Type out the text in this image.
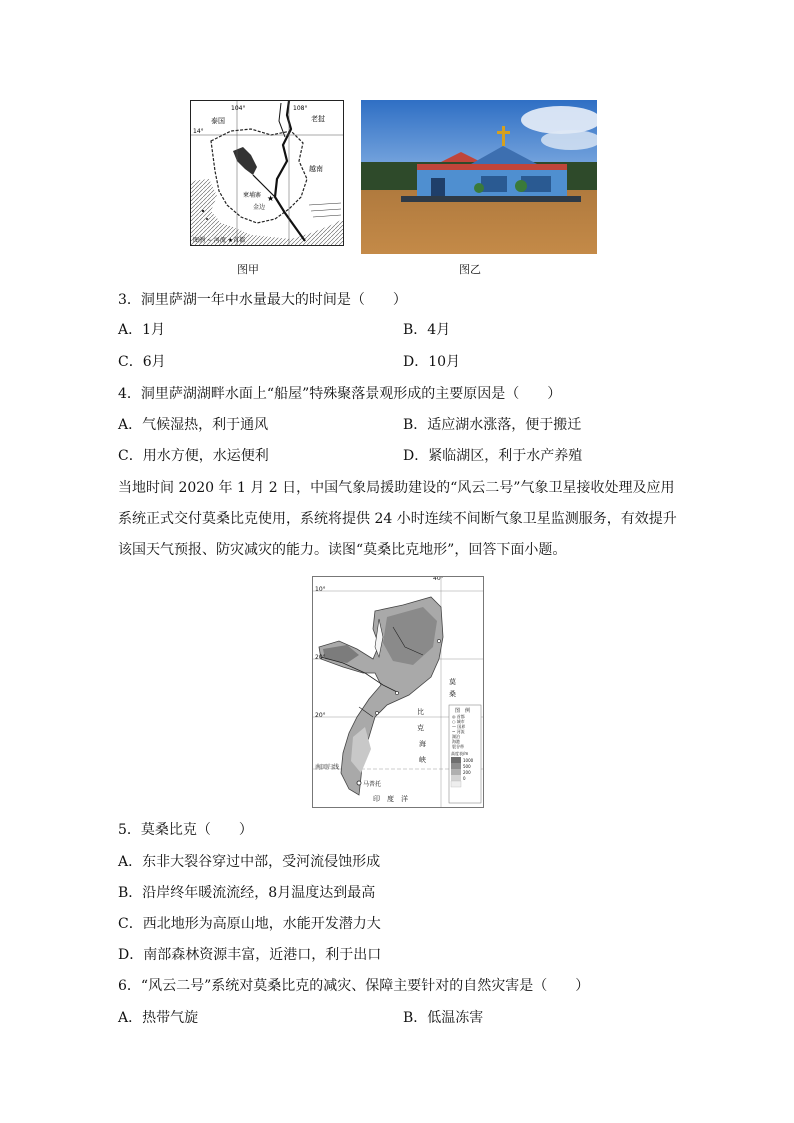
★
104°	108°
14°
泰国	老挝
柬埔寨
越南
金边
图例 ~ 河流 ★首都
图甲	图乙
3．洞里萨湖一年中水量最大的时间是（　　）
A．1月	B．4月
C．6月	D．10月
4．洞里萨湖湖畔水面上“船屋”特殊聚落景观形成的主要原因是（　　）
A．气候湿热，利于通风	B．适应湖水涨落，便于搬迁
C．用水方便，水运便利	D．紧临湖区，利于水产养殖
当地时间 2020 年 1 月 2 日，中国气象局援助建设的“风云二号”气象卫星接收处理及应用
系统正式交付莫桑比克使用，系统将提供 24 小时连续不间断气象卫星监测服务，有效提升
该国天气预报、防灾减灾的能力。读图“莫桑比克地形”，回答下面小题。
40°
10°
20°
20°
南回归线
马普托
印　度　洋
莫
桑
比
克
海
峡
图　例
◎ 首都
○ 城市
— 国界
~ 河流
湖泊
海港
裂谷带
高度表/m
1000
500
200
0
5．莫桑比克（　　）
A．东非大裂谷穿过中部，受河流侵蚀形成
B．沿岸终年暖流流经，8月温度达到最高
C．西北地形为高原山地，水能开发潜力大
D．南部森林资源丰富，近港口，利于出口
6．“风云二号”系统对莫桑比克的减灾、保障主要针对的自然灾害是（　　）
A．热带气旋	B．低温冻害
